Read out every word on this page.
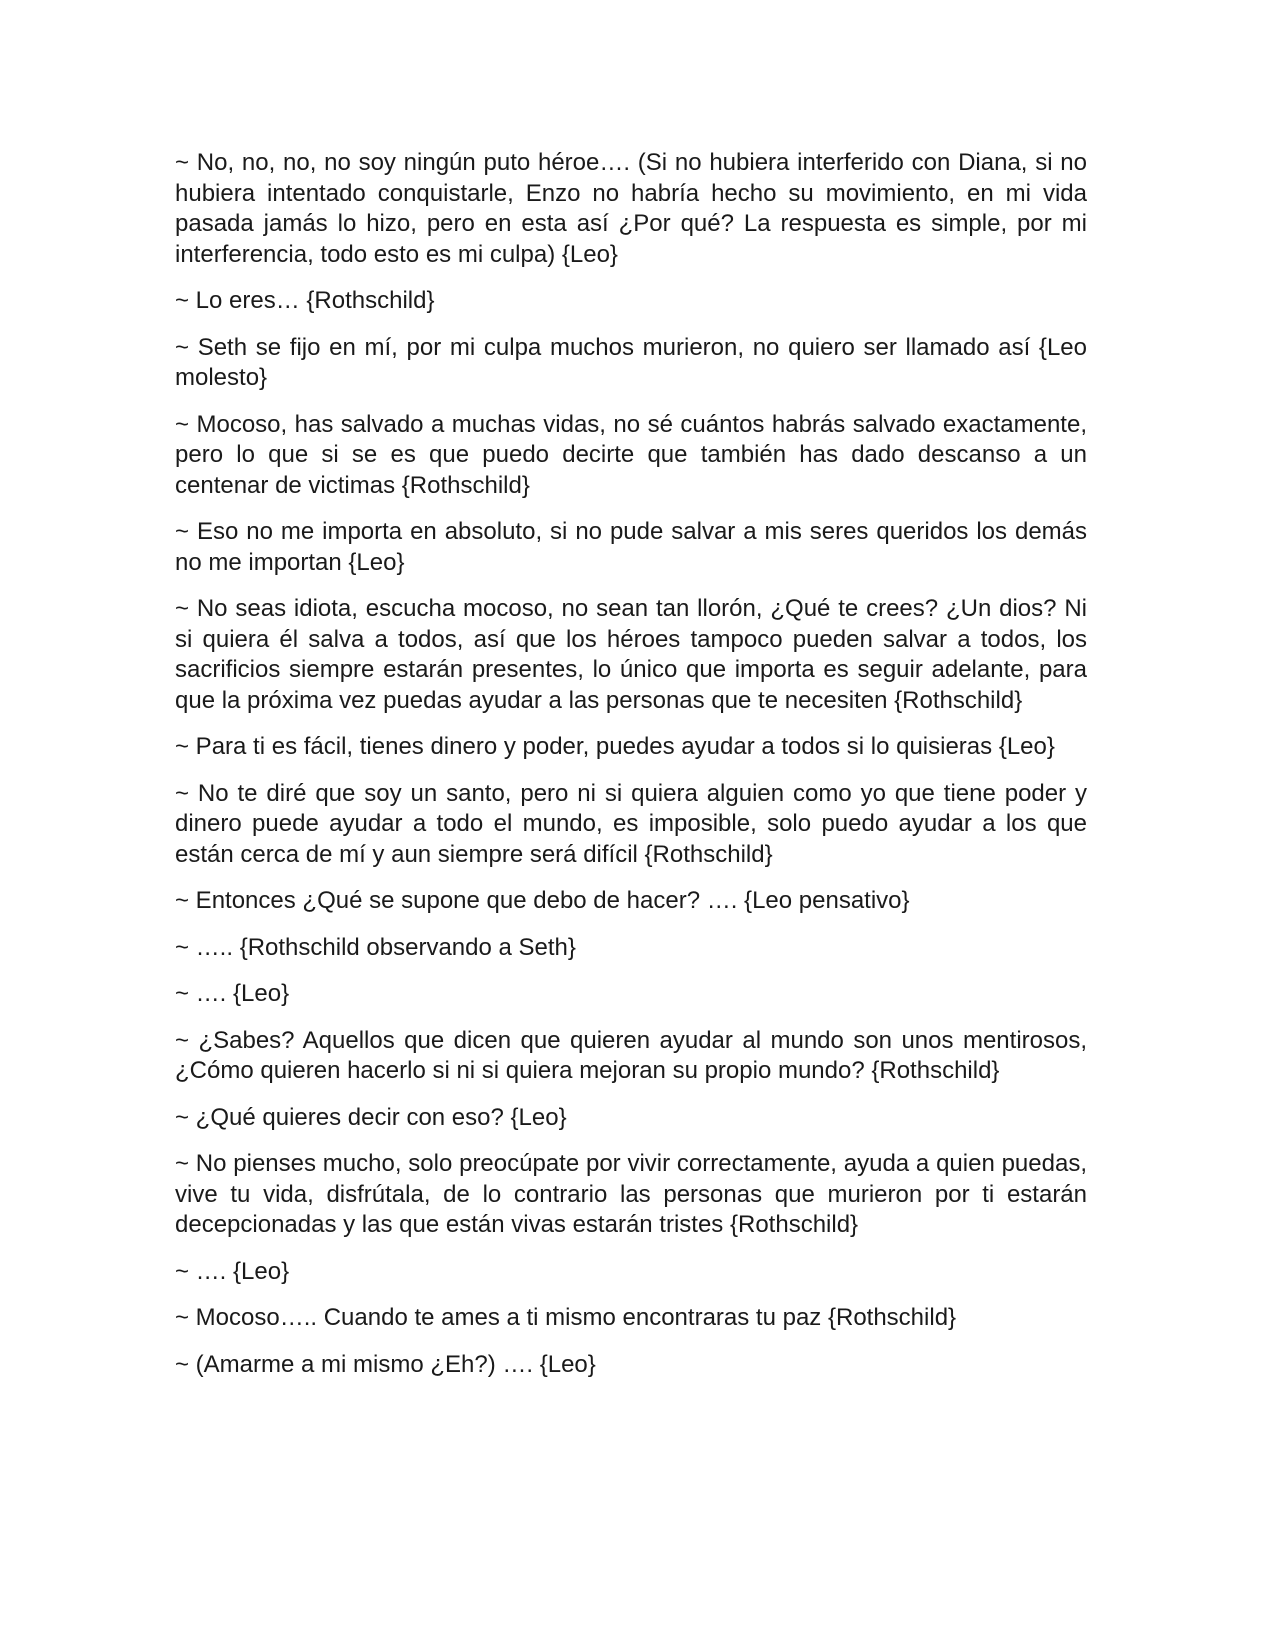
~ No, no, no, no soy ningún puto héroe…. (Si no hubiera interferido con Diana, si no hubiera intentado conquistarle, Enzo no habría hecho su movimiento, en mi vida pasada jamás lo hizo, pero en esta así ¿Por qué? La respuesta es simple, por mi interferencia, todo esto es mi culpa) {Leo}

~ Lo eres… {Rothschild}

~ Seth se fijo en mí, por mi culpa muchos murieron, no quiero ser llamado así {Leo molesto}

~ Mocoso, has salvado a muchas vidas, no sé cuántos habrás salvado exactamente, pero lo que si se es que puedo decirte que también has dado descanso a un centenar de victimas {Rothschild}

~ Eso no me importa en absoluto, si no pude salvar a mis seres queridos los demás no me importan {Leo}

~ No seas idiota, escucha mocoso, no sean tan llorón, ¿Qué te crees? ¿Un dios? Ni si quiera él salva a todos, así que los héroes tampoco pueden salvar a todos, los sacrificios siempre estarán presentes, lo único que importa es seguir adelante, para que la próxima vez puedas ayudar a las personas que te necesiten {Rothschild}

~ Para ti es fácil, tienes dinero y poder, puedes ayudar a todos si lo quisieras {Leo}

~ No te diré que soy un santo, pero ni si quiera alguien como yo que tiene poder y dinero puede ayudar a todo el mundo, es imposible, solo puedo ayudar a los que están cerca de mí y aun siempre será difícil {Rothschild}

~ Entonces ¿Qué se supone que debo de hacer? …. {Leo pensativo}

~ ….. {Rothschild observando a Seth}

~ …. {Leo}

~ ¿Sabes? Aquellos que dicen que quieren ayudar al mundo son unos mentirosos, ¿Cómo quieren hacerlo si ni si quiera mejoran su propio mundo? {Rothschild}

~ ¿Qué quieres decir con eso? {Leo}

~ No pienses mucho, solo preocúpate por vivir correctamente, ayuda a quien puedas, vive tu vida, disfrútala, de lo contrario las personas que murieron por ti estarán decepcionadas y las que están vivas estarán tristes {Rothschild}

~ …. {Leo}

~ Mocoso….. Cuando te ames a ti mismo encontraras tu paz {Rothschild}

~ (Amarme a mi mismo ¿Eh?) …. {Leo}
